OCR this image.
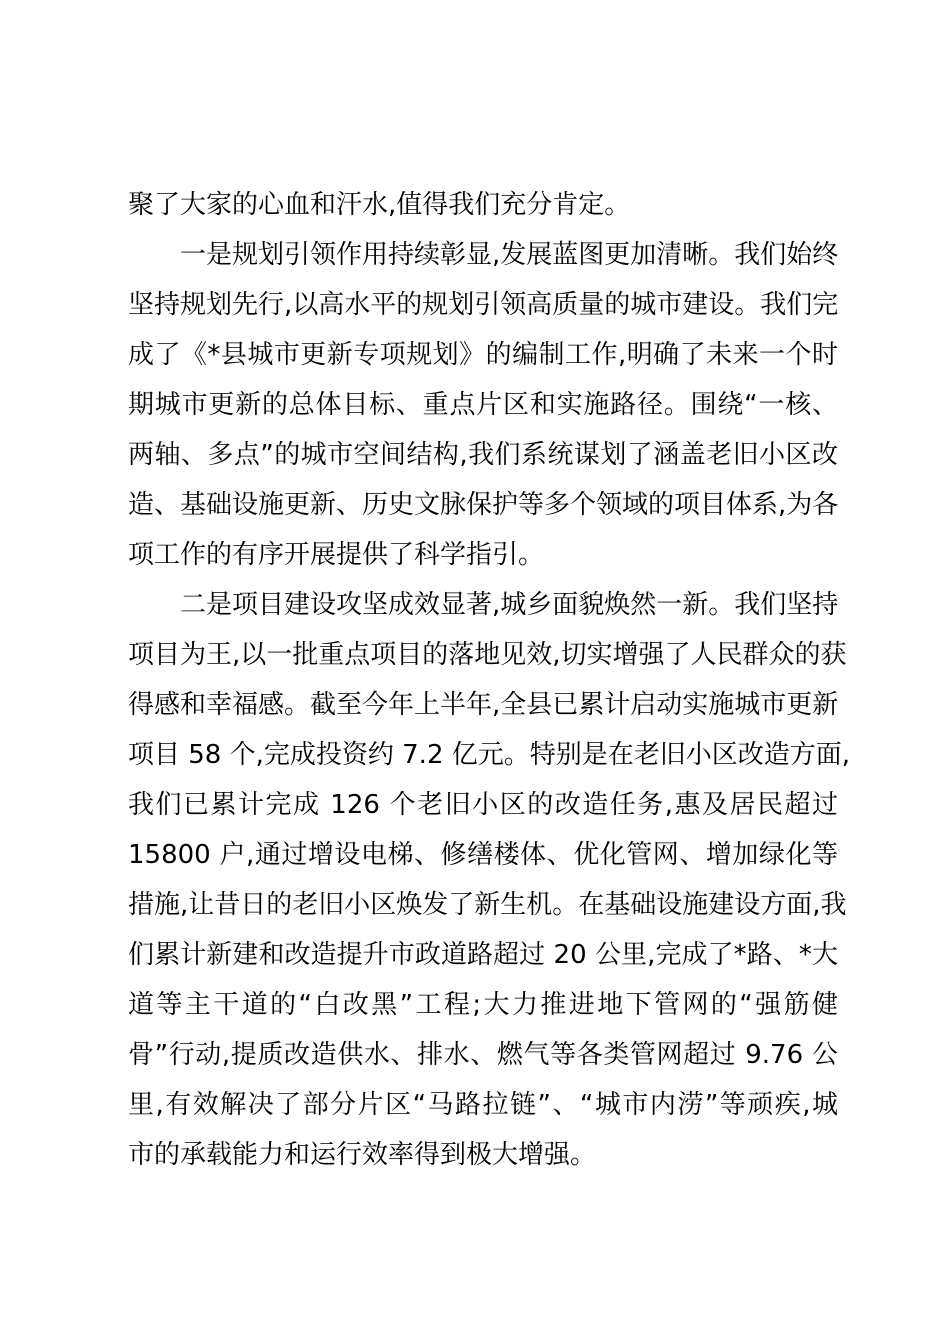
聚了大家的心血和汗水,值得我们充分肯定。
一是规划引领作用持续彰显,发展蓝图更加清晰。我们始终
坚持规划先行,以高水平的规划引领高质量的城市建设。我们完
成了《*县城市更新专项规划》的编制工作,明确了未来一个时
期城市更新的总体目标、重点片区和实施路径。围绕“一核、
两轴、多点”的城市空间结构,我们系统谋划了涵盖老旧小区改
造、基础设施更新、历史文脉保护等多个领域的项目体系,为各
项工作的有序开展提供了科学指引。
二是项目建设攻坚成效显著,城乡面貌焕然一新。我们坚持
项目为王,以一批重点项目的落地见效,切实增强了人民群众的获
得感和幸福感。截至今年上半年,全县已累计启动实施城市更新
项目 58 个,完成投资约 7.2 亿元。特别是在老旧小区改造方面,
我们已累计完成 126 个老旧小区的改造任务,惠及居民超过
15800 户,通过增设电梯、修缮楼体、优化管网、增加绿化等
措施,让昔日的老旧小区焕发了新生机。在基础设施建设方面,我
们累计新建和改造提升市政道路超过 20 公里,完成了*路、*大
道等主干道的“白改黑”工程;大力推进地下管网的“强筋健
骨”行动,提质改造供水、排水、燃气等各类管网超过 9.76 公
里,有效解决了部分片区“马路拉链”、“城市内涝”等顽疾,城
市的承载能力和运行效率得到极大增强。
